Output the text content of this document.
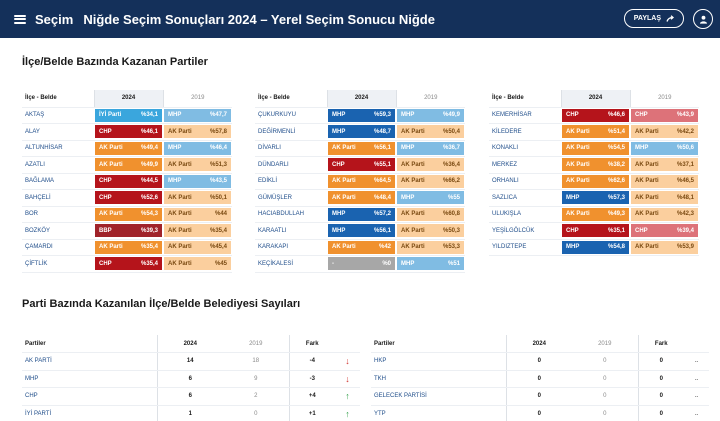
Seçim Niğde Seçim Sonuçları 2024 – Yerel Seçim Sonucu Niğde	PAYLAŞ
İlçe/Belde Bazında Kazanan Partiler
İlçe - Belde	2024	2019
AKTAŞ	İYİ Parti %34,1	MHP %47,7

ALAY	CHP %46,1	AK Parti %57,8

ALTUNHİSAR	AK Parti %49,4	MHP %46,4

AZATLI	AK Parti %49,9	AK Parti %51,3

BAĞLAMA	CHP %44,5	MHP %43,5

BAHÇELİ	CHP %52,6	AK Parti %50,1

BOR	AK Parti %54,3	AK Parti %44

BOZKÖY	BBP %39,3	AK Parti %35,4

ÇAMARDI	AK Parti %35,4	AK Parti %45,4

ÇİFTLİK	CHP %35,4	AK Parti %45
İlçe - Belde	2024	2019
ÇUKURKUYU	MHP %59,3	MHP %49,9

DEĞİRMENLİ	MHP %48,7	AK Parti %50,4

DİVARLI	AK Parti %56,1	MHP %36,7

DÜNDARLI	CHP %55,1	AK Parti %36,4

EDİKLİ	AK Parti %64,5	AK Parti %66,2

GÜMÜŞLER	AK Parti %48,4	MHP %55

HACIABDULLAH	MHP %57,2	AK Parti %60,8

KARAATLI	MHP %56,1	AK Parti %50,3

KARAKAPI	AK Parti %42	AK Parti %53,3

KEÇİKALESİ	- %0	MHP %51
İlçe - Belde	2024	2019
KEMERHİSAR	CHP %46,6	CHP %43,9

KİLEDERE	AK Parti %51,4	AK Parti %42,2

KONAKLI	AK Parti %54,5	MHP %50,6

MERKEZ	AK Parti %38,2	AK Parti %37,1

ORHANLI	AK Parti %62,6	AK Parti %46,5

SAZLICA	MHP %57,3	AK Parti %48,1

ULUKIŞLA	AK Parti %49,3	AK Parti %42,3

YEŞİLGÖLCÜK	CHP %35,1	CHP %39,4

YILDIZTEPE	MHP %54,8	AK Parti %53,9
Parti Bazında Kazanılan İlçe/Belde Belediyesi Sayıları
Partiler	2024	2019	Fark	
AK PARTİ	14	18	-4	↓
MHP	6	9	-3	↓
CHP	6	2	+4	↑
İYİ PARTİ	1	0	+1	↑
Partiler	2024	2019	Fark	
HKP	0	0	0	..
TKH	0	0	0	..
GELECEK PARTİSİ	0	0	0	..
YTP	0	0	0	..
